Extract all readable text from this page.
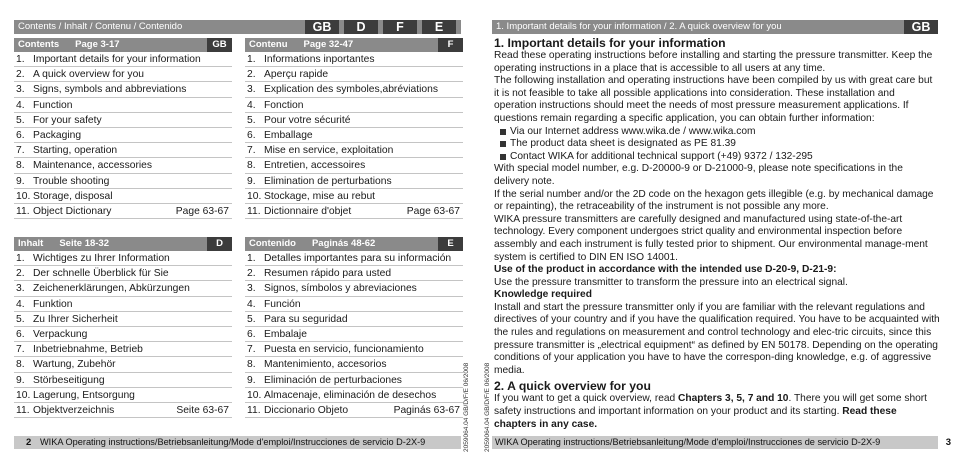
Contents / Inhalt / Contenu / Contenido	GB	D	F	E
Contents Page 3-17	GB
1. Important details for your information
2. A quick overview for you
3. Signs, symbols and abbreviations
4. Function
5. For your safety
6. Packaging
7. Starting, operation
8. Maintenance, accessories
9. Trouble shooting
10. Storage, disposal
11. Object Dictionary	Page 63-67
Contenu Page 32-47	F
1. Informations inportantes
2. Aperçu rapide
3. Explication des symboles,abréviations
4. Fonction
5. Pour votre sécurité
6. Emballage
7. Mise en service, exploitation
8. Entretien, accessoires
9. Elimination de perturbations
10. Stockage, mise au rebut
11. Dictionnaire d'objet	Page 63-67
Inhalt Seite 18-32	D
1. Wichtiges zu Ihrer Information
2. Der schnelle Überblick für Sie
3. Zeichenerklärungen, Abkürzungen
4. Funktion
5. Zu Ihrer Sicherheit
6. Verpackung
7. Inbetriebnahme, Betrieb
8. Wartung, Zubehör
9. Störbeseitigung
10. Lagerung, Entsorgung
11. Objektverzeichnis	Seite 63-67
Contenido Paginás 48-62	E
1. Detalles importantes para su información
2. Resumen rápido para usted
3. Signos, símbolos y abreviaciones
4. Función
5. Para su seguridad
6. Embalaje
7. Puesta en servicio, funcionamiento
8. Mantenimiento, accesorios
9. Eliminación de perturbaciones
10. Almacenaje, eliminación de desechos
11. Diccionario Objeto	Paginás 63-67 2059064.04 GB/D/F/E 06/2008
2 WIKA Operating instructions/Betriebsanleitung/Mode d'emploi/Instrucciones de servicio D-2X-9	2059064.04 GB/D/F/E 06/2008
1. Important details for your information / 2. A quick overview for you	GB
1. Important details for your information

Read these operating instructions before installing and starting the pressure transmitter. Keep the operating instructions in a place that is accessible to all users at any time.

The following installation and operating instructions have been compiled by us with great care but it is not feasible to take all possible applications into consideration. These installation and operation instructions should meet the needs of most pressure measurement applications. If questions remain regarding a specific application, you can obtain further information:

Via our Internet address www.wika.de / www.wika.com
The product data sheet is designated as PE 81.39
Contact WIKA for additional technical support (+49) 9372 / 132-295

With special model number, e.g. D-20000-9 or D-21000-9, please note specifications in the delivery note.

If the serial number and/or the 2D code on the hexagon gets illegible (e.g. by mechanical damage or repainting), the retraceability of the instrument is not possible any more.

WIKA pressure transmitters are carefully designed and manufactured using state-of-the-art technology. Every component undergoes strict quality and environmental inspection before assembly and each instrument is fully tested prior to shipment. Our environmental manage-ment system is certified to DIN EN ISO 14001.

Use of the product in accordance with the intended use D-20-9, D-21-9:

Use the pressure transmitter to transform the pressure into an electrical signal.

Knowledge required

Install and start the pressure transmitter only if you are familiar with the relevant regulations and directives of your country and if you have the qualification required. You have to be acquainted with the rules and regulations on measurement and control technology and elec-tric circuits, since this pressure transmitter is „electrical equipment“ as defined by EN 50178. Depending on the operating conditions of your application you have to have the correspon-ding knowledge, e.g. of aggressive media.

2. A quick overview for you

If you want to get a quick overview, read Chapters 3, 5, 7 and 10. There you will get some short safety instructions and important information on your product and its starting. Read these chapters in any case.

WIKA Operating instructions/Betriebsanleitung/Mode d'emploi/Instrucciones de servicio D-2X-9	3
